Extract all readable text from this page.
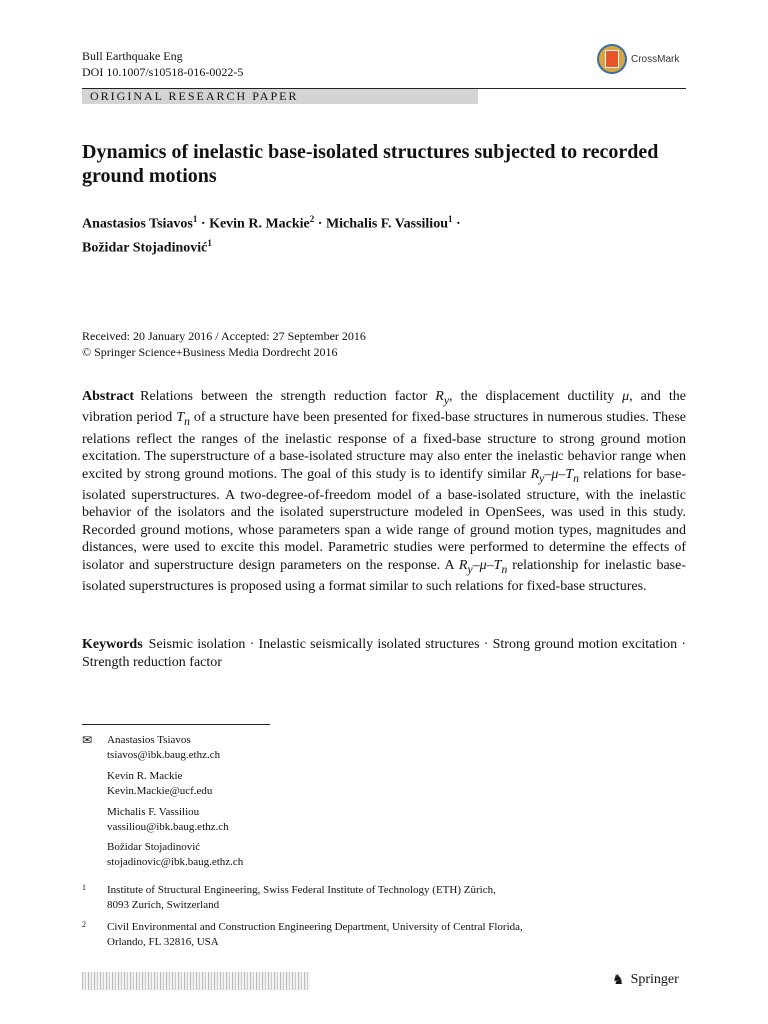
Bull Earthquake Eng
DOI 10.1007/s10518-016-0022-5
CrossMark
ORIGINAL RESEARCH PAPER
Dynamics of inelastic base-isolated structures subjected to recorded ground motions
Anastasios Tsiavos$^1$ · Kevin R. Mackie$^2$ · Michalis F. Vassiliou$^1$ ·
Božidar Stojadinović$^1$
Received: 20 January 2016 / Accepted: 27 September 2016
© Springer Science+Business Media Dordrecht 2016
Abstract Relations between the strength reduction factor $R_y$, the displacement ductility μ, and the vibration period $T_n$ of a structure have been presented for fixed-base structures in numerous studies. These relations reflect the ranges of the inelastic response of a fixed-base structure to strong ground motion excitation. The superstructure of a base-isolated structure may also enter the inelastic behavior range when excited by strong ground motions. The goal of this study is to identify similar $R_y-\mu-T_n$ relations for base-isolated superstructures. A two-degree-of-freedom model of a base-isolated structure, with the inelastic behavior of the isolators and the isolated superstructure modeled in OpenSees, was used in this study. Recorded ground motions, whose parameters span a wide range of ground motion types, magnitudes and distances, were used to excite this model. Parametric studies were performed to determine the effects of isolator and superstructure design parameters on the response. A $R_y-\mu-T_n$ relationship for inelastic base-isolated superstructures is proposed using a format similar to such relations for fixed-base structures.
Keywords Seismic isolation · Inelastic seismically isolated structures · Strong ground motion excitation · Strength reduction factor
✉ Anastasios Tsiavos
tsiavos@ibk.baug.ethz.ch
Kevin R. Mackie
Kevin.Mackie@ucf.edu
Michalis F. Vassiliou
vassiliou@ibk.baug.ethz.ch
Božidar Stojadinović
stojadinovic@ibk.baug.ethz.ch
1 Institute of Structural Engineering, Swiss Federal Institute of Technology (ETH) Zürich,
8093 Zurich, Switzerland
2 Civil Environmental and Construction Engineering Department, University of Central Florida,
Orlando, FL 32816, USA
♞ Springer
